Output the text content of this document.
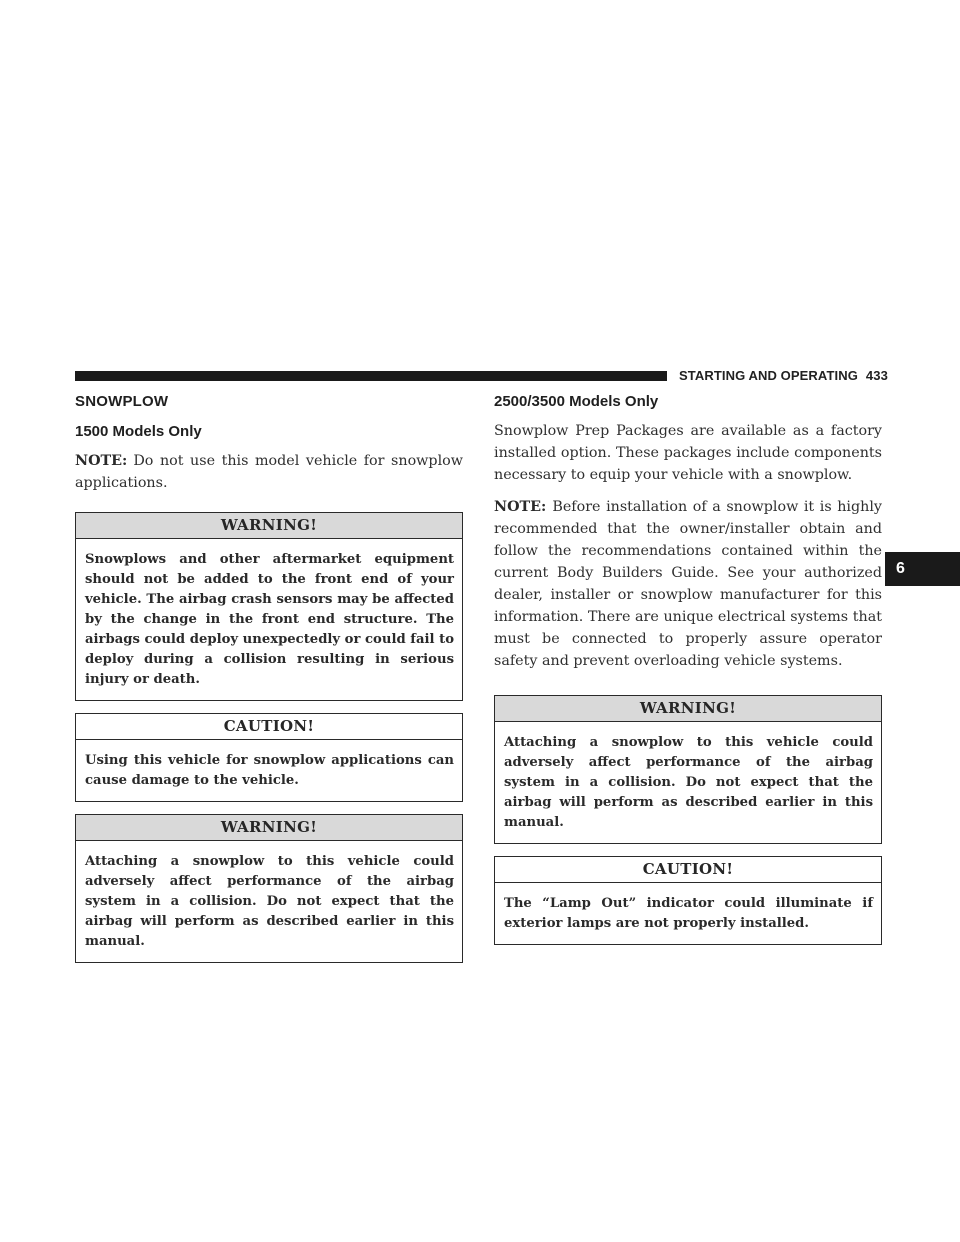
STARTING AND OPERATING 433
6
SNOWPLOW
1500 Models Only

NOTE: Do not use this model vehicle for snowplow applications.

WARNING!
Snowplows and other aftermarket equipment should not be added to the front end of your vehicle. The airbag crash sensors may be affected by the change in the front end structure. The airbags could deploy unexpectedly or could fail to deploy during a collision resulting in serious injury or death.
CAUTION!
Using this vehicle for snowplow applications can cause damage to the vehicle.
WARNING!
Attaching a snowplow to this vehicle could adversely affect performance of the airbag system in a collision. Do not expect that the airbag will perform as described earlier in this manual.
2500/3500 Models Only

Snowplow Prep Packages are available as a factory installed option. These packages include components necessary to equip your vehicle with a snowplow.

NOTE: Before installation of a snowplow it is highly recommended that the owner/installer obtain and follow the recommendations contained within the current Body Builders Guide. See your authorized dealer, installer or snowplow manufacturer for this information. There are unique electrical systems that must be connected to properly assure operator safety and prevent overloading vehicle systems.

WARNING!
Attaching a snowplow to this vehicle could adversely affect performance of the airbag system in a collision. Do not expect that the airbag will perform as described earlier in this manual.
CAUTION!
The “Lamp Out” indicator could illuminate if exterior lamps are not properly installed.
